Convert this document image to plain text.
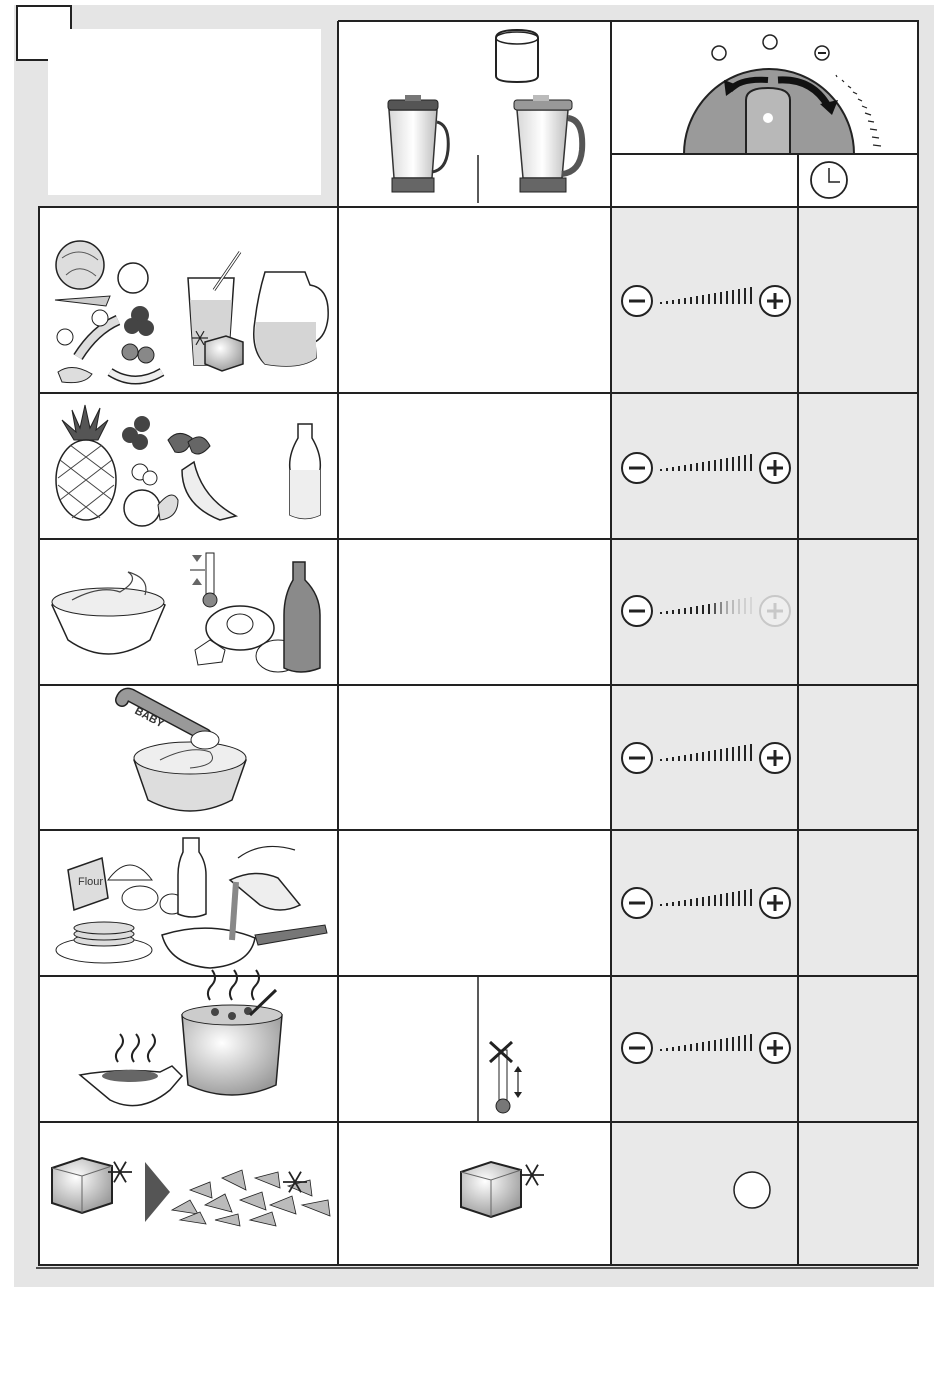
BABY
Flour
